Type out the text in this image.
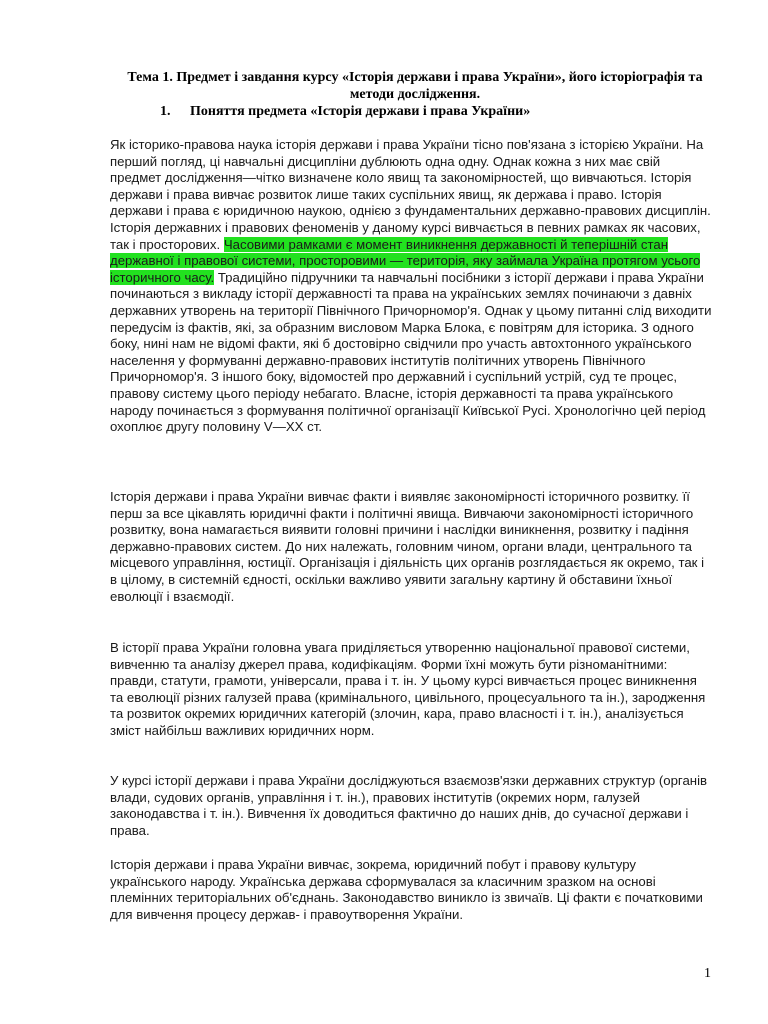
Тема 1. Предмет і завдання курсу «Історія держави і права України», його історіографія та методи дослідження.
1. Поняття предмета «Історія держави і права України»
Як історико-правова наука історія держави і права України тісно пов'язана з історією України. На перший погляд, ці навчальні дисципліни дублюють одна одну. Однак кожна з них має свій предмет дослідження—чітко визначене коло явищ та закономірностей, що вивчаються. Історія держави і права вивчає розвиток лише таких суспільних явищ, як держава і право. Історія держави і права є юридичною наукою, однією з фундаментальних державно-правових дисциплін. Історія державних і правових феноменів у даному курсі вивчається в певних рамках як часових, так і просторових. Часовими рамками є момент виникнення державності й теперішній стан державної і правової системи, просторовими — територія, яку займала Україна протягом усього історичного часу. Традиційно підручники та навчальні посібники з історії держави і права України починаються з викладу історії державності та права на українських землях починаючи з давніх державних утворень на території Північного Причорномор'я. Однак у цьому питанні слід виходити передусім із фактів, які, за образним висловом Марка Блока, є повітрям для історика. З одного боку, нині нам не відомі факти, які б достовірно свідчили про участь автохтонного українського населення у формуванні державно-правових інститутів політичних утворень Північного Причорномор'я. З іншого боку, відомостей про державний і суспільний устрій, суд те процес, правову систему цього періоду небагато. Власне, історія державності та права українського народу починається з формування політичної організації Київської Русі. Хронологічно цей період охоплює другу половину V—XX ст.
Історія держави і права України вивчає факти і виявляє закономірності історичного розвитку. її перш за все цікавлять юридичні факти і політичні явища. Вивчаючи закономірності історичного розвитку, вона намагається виявити головні причини і наслідки виникнення, розвитку і падіння державно-правових систем. До них належать, головним чином, органи влади, центрального та місцевого управління, юстиції. Організація і діяльність цих органів розглядається як окремо, так і в цілому, в системній єдності, оскільки важливо уявити загальну картину й обставини їхньої еволюції і взаємодії.
В історії права України головна увага приділяється утворенню національної правової системи, вивченню та аналізу джерел права, кодифікаціям. Форми їхні можуть бути різноманітними: правди, статути, грамоти, універсали, права і т. ін. У цьому курсі вивчається процес виникнення та еволюції різних галузей права (кримінального, цивільного, процесуального та ін.), зародження та розвиток окремих юридичних категорій (злочин, кара, право власності і т. ін.), аналізується зміст найбільш важливих юридичних норм.
У курсі історії держави і права України досліджуються взаємозв'язки державних структур (органів влади, судових органів, управління і т. ін.), правових інститутів (окремих норм, галузей законодавства і т. ін.). Вивчення їх доводиться фактично до наших днів, до сучасної держави і права.
Історія держави і права України вивчає, зокрема, юридичний побут і правову культуру українського народу. Українська держава сформувалася за класичним зразком на основі племінних територіальних об'єднань. Законодавство виникло із звичаїв. Ці факти є початковими для вивчення процесу держав- і правоутворення України.
1
